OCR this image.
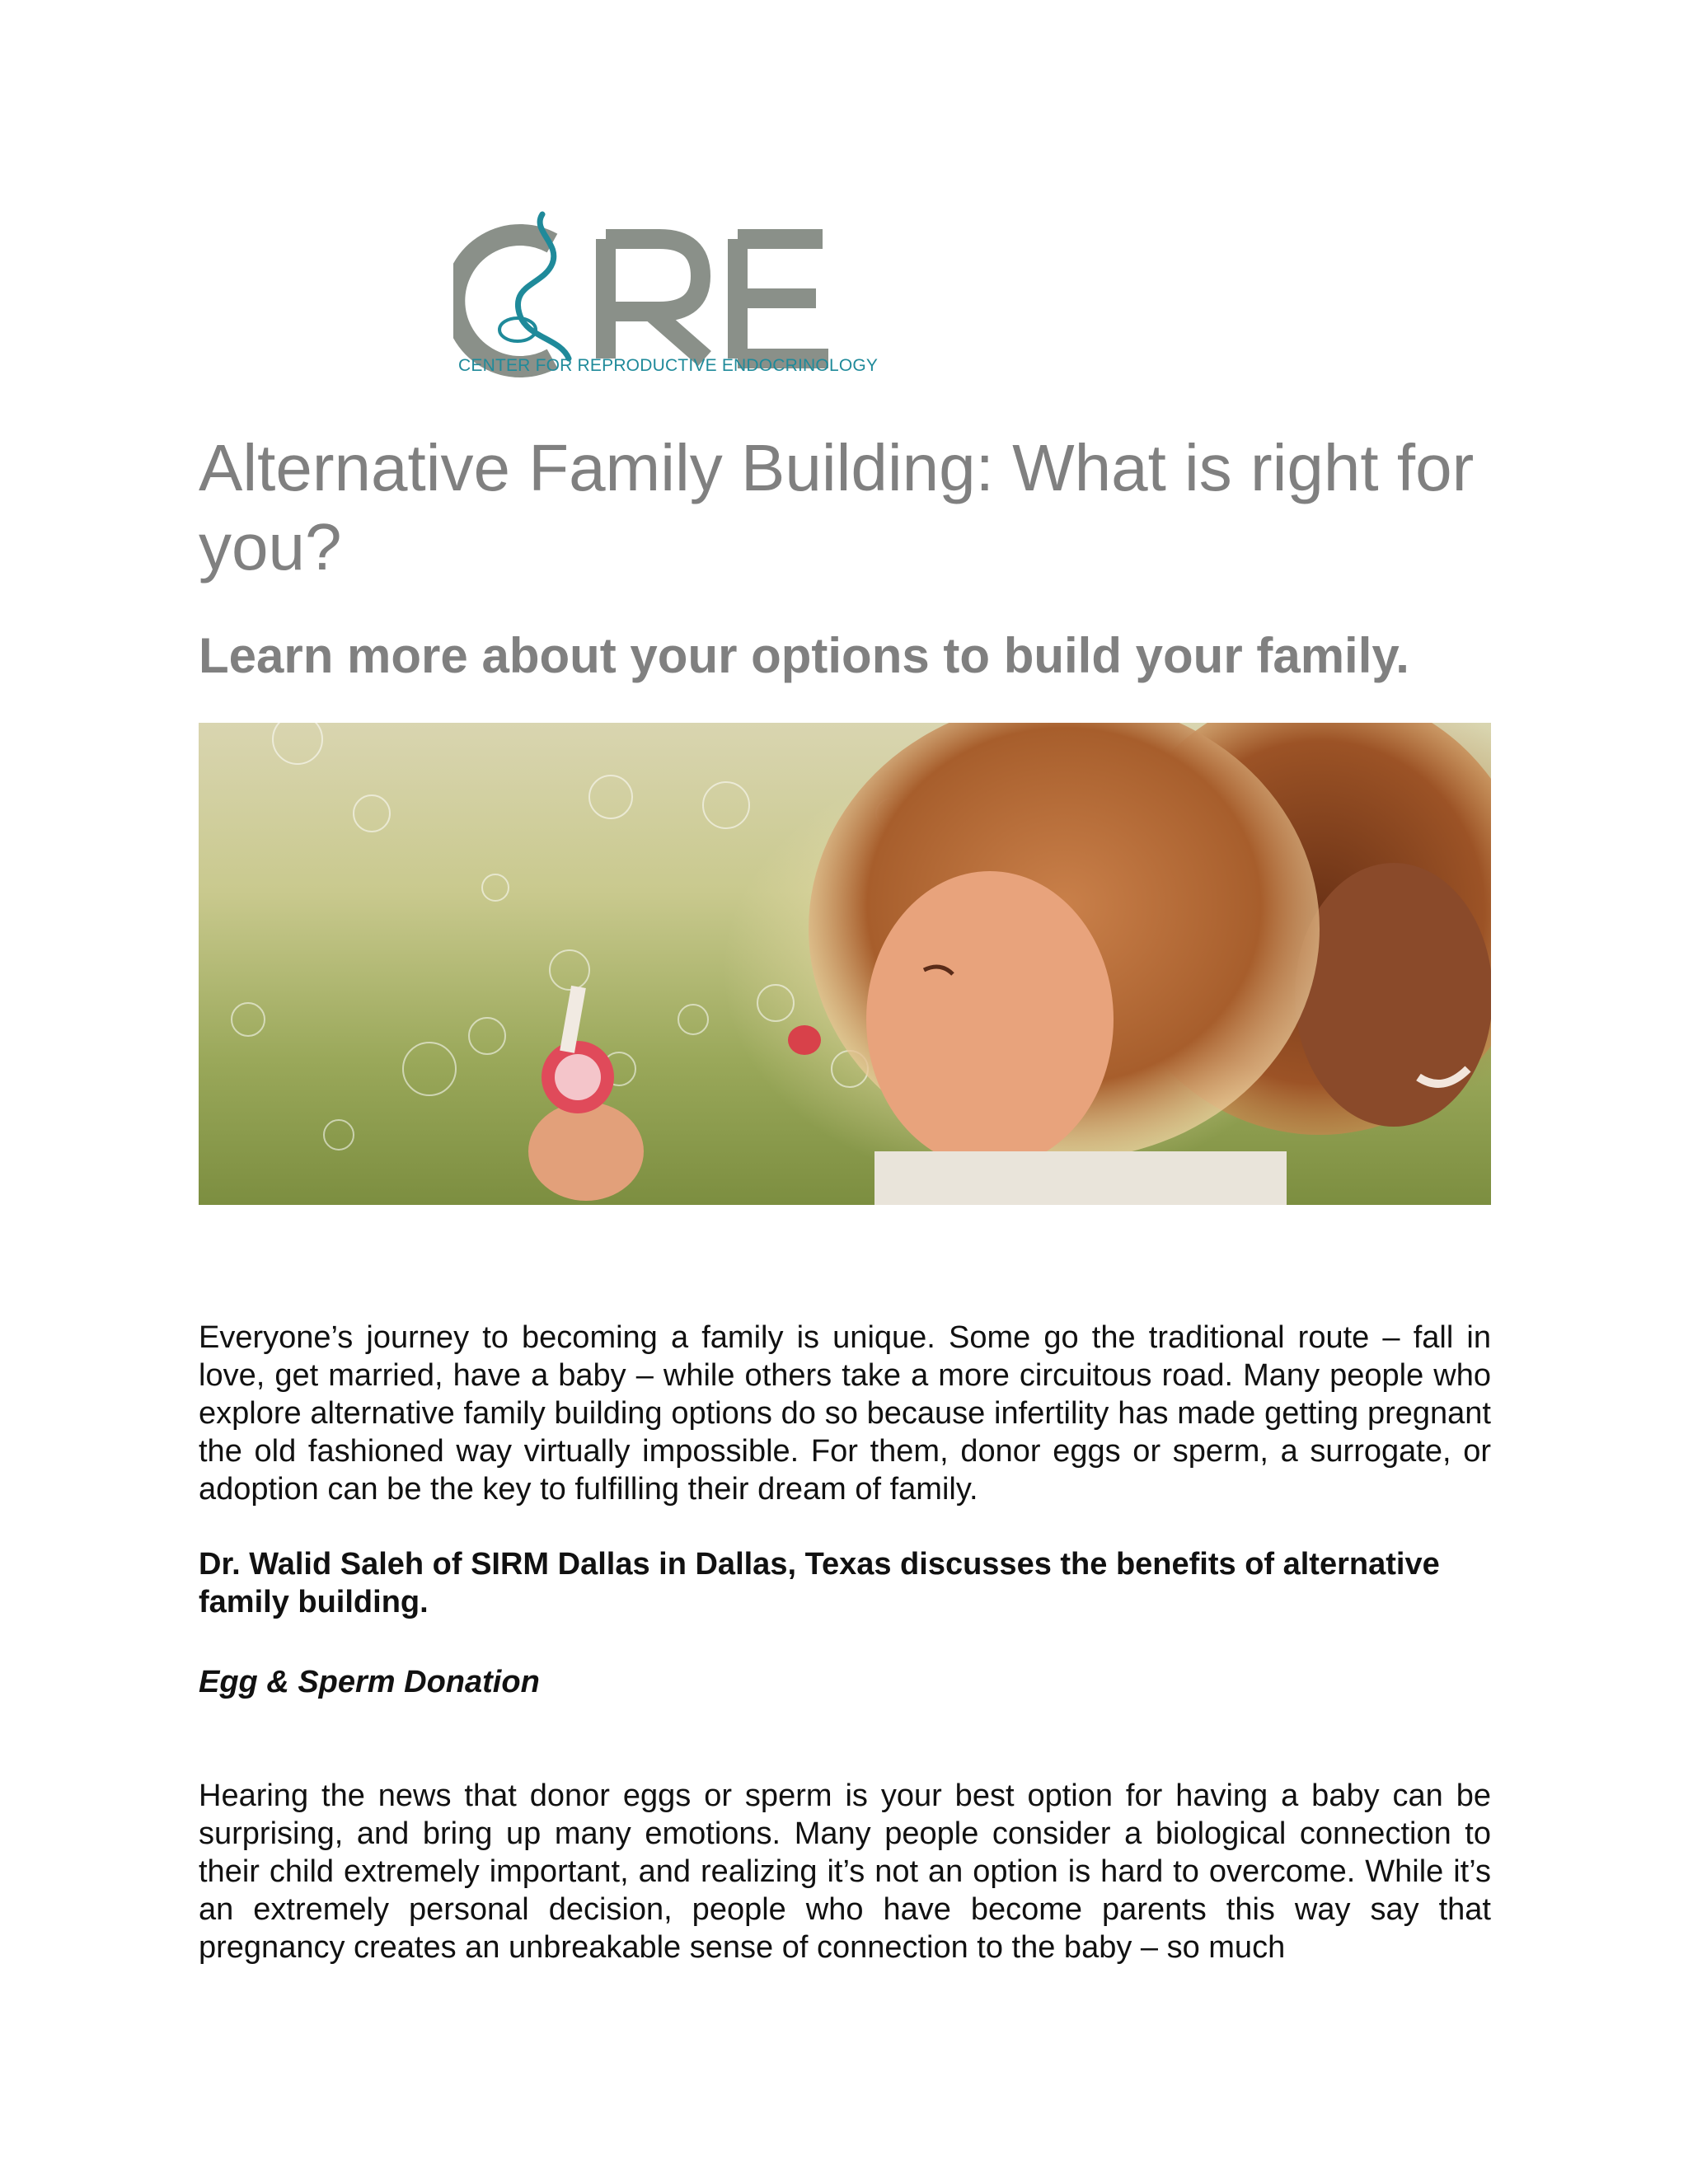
CENTER FOR REPRODUCTIVE ENDOCRINOLOGY
Alternative Family Building: What is right for you?
Learn more about your options to build your family.

Everyone’s journey to becoming a family is unique. Some go the traditional route – fall in love, get married, have a baby – while others take a more circuitous road. Many people who explore alternative family building options do so because infertility has made getting pregnant the old fashioned way virtually impossible. For them, donor eggs or sperm, a surrogate, or adoption can be the key to fulfilling their dream of family.

Dr. Walid Saleh of SIRM Dallas in Dallas, Texas discusses the benefits of alternative family building.

Egg & Sperm Donation

Hearing the news that donor eggs or sperm is your best option for having a baby can be surprising, and bring up many emotions. Many people consider a biological connection to their child extremely important, and realizing it’s not an option is hard to overcome. While it’s an extremely personal decision, people who have become parents this way say that pregnancy creates an unbreakable sense of connection to the baby – so much
